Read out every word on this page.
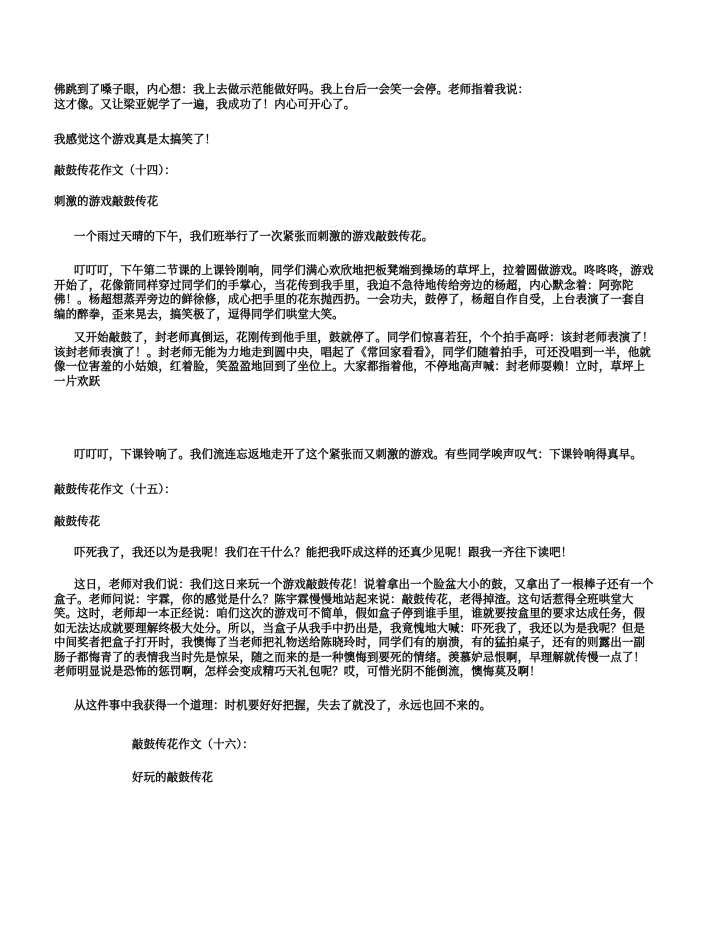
佛跳到了嗓子眼，内心想：我上去做示范能做好吗。我上台后一会笑一会停。老师指着我说：
这才像。又让梁亚妮学了一遍，我成功了！内心可开心了。

我感觉这个游戏真是太搞笑了！

敲鼓传花作文（十四）：

刺激的游戏敲鼓传花

一个雨过天晴的下午，我们班举行了一次紧张而刺激的游戏敲鼓传花。

叮叮叮，下午第二节课的上课铃刚响，同学们满心欢欣地把板凳端到操场的草坪上，拉着圆做游戏。咚咚咚，游戏开始了，花像箭同样穿过同学们的手掌心，当花传到我手里，我迫不急待地传给旁边的杨超，内心默念着：阿弥陀佛！。杨超想蒸弄旁边的鲜徐修，成心把手里的花东抛西扔。一会功夫，鼓停了，杨超自作自受，上台表演了一套自编的醉拳，歪来晃去，搞笑极了，逗得同学们哄堂大笑。

又开始敲鼓了，封老师真倒运，花刚传到他手里，鼓就停了。同学们惊喜若狂，个个拍手高呼：该封老师表演了！该封老师表演了！。封老师无能为力地走到圆中央，唱起了《常回家看看》，同学们随着拍手，可还没唱到一半，他就像一位害羞的小姑娘，红着脸，笑盈盈地回到了坐位上。大家都指着他，不停地高声喊：封老师耍赖！立时，草坪上一片欢跃

叮叮叮，下课铃响了。我们流连忘返地走开了这个紧张而又刺激的游戏。有些同学唉声叹气：下课铃响得真早。

敲鼓传花作文（十五）：

敲鼓传花

吓死我了，我还以为是我呢！我们在干什么？能把我吓成这样的还真少见呢！跟我一齐往下读吧！

这日，老师对我们说：我们这日来玩一个游戏敲鼓传花！说着拿出一个脸盆大小的鼓，又拿出了一根棒子还有一个盒子。老师问说：宇霖，你的感觉是什么？陈宇霖慢慢地站起来说：敲鼓传花，老得掉渣。这句话惹得全班哄堂大笑。这时，老师却一本正经说：咱们这次的游戏可不简单，假如盒子停到谁手里，谁就要按盒里的要求达成任务，假如无法达成就要理解终极大处分。所以，当盒子从我手中扔出是，我竟愧地大喊：吓死我了，我还以为是我呢？但是中间奖者把盒子打开时，我懊悔了当老师把礼物送给陈晓玲时，同学们有的崩溃，有的猛拍桌子，还有的则露出一副肠子都悔青了的表情我当时先是惊呆，随之而来的是一种懊悔到要死的情绪。羡慕妒忌恨啊，早理解就传慢一点了！老师明显说是恐怖的惩罚啊，怎样会变成精巧天礼包呢？哎，可惜光阴不能倒流，懊悔莫及啊！

从这件事中我获得一个道理：时机要好好把握，失去了就没了，永远也回不来的。

敲鼓传花作文（十六）：

好玩的敲鼓传花
